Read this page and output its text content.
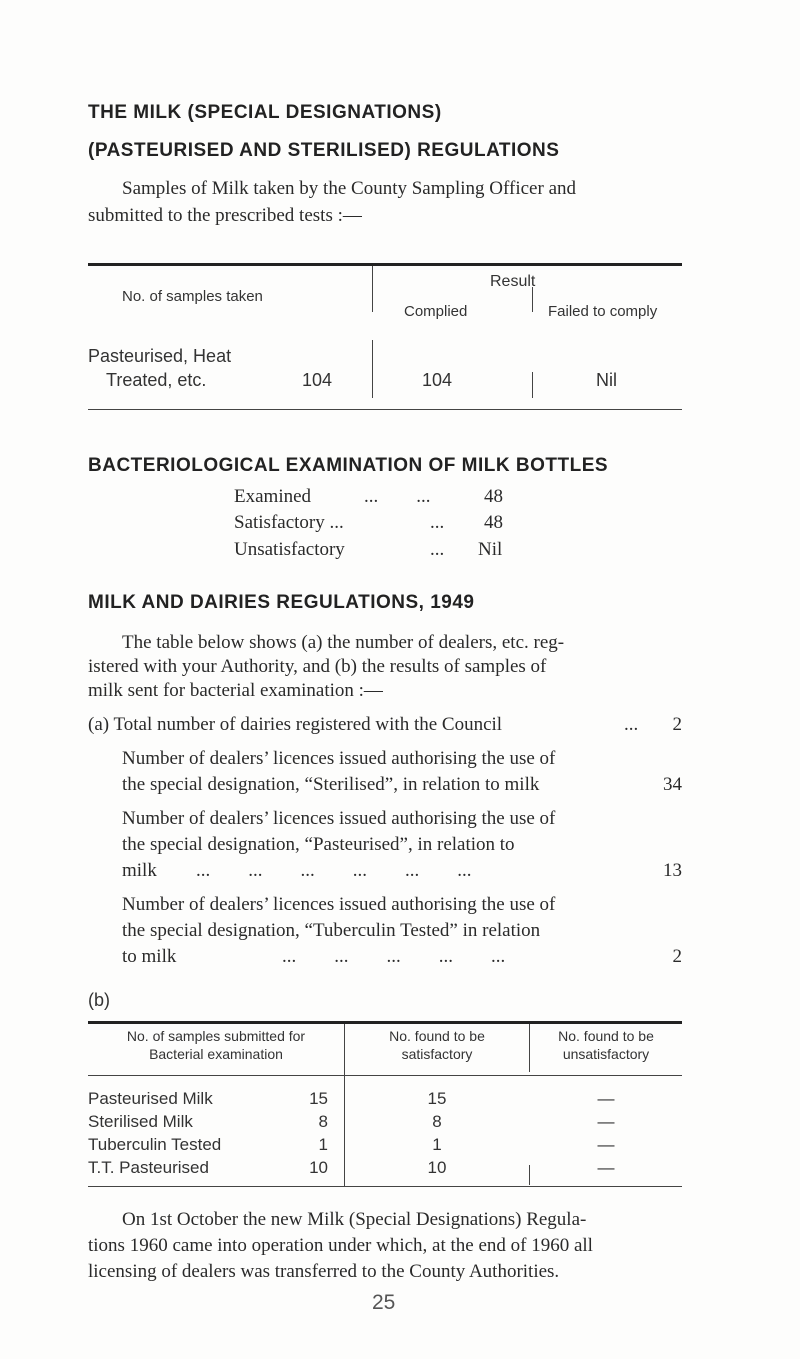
THE MILK (SPECIAL DESIGNATIONS)
(PASTEURISED AND STERILISED) REGULATIONS
Samples of Milk taken by the County Sampling Officer and
submitted to the prescribed tests :—
Result
No. of samples taken
Complied	Failed to comply
Pasteurised, Heat
Treated, etc.	104	104	Nil
BACTERIOLOGICAL EXAMINATION OF MILK BOTTLES
Examined	...  ...	48
Satisfactory ...	... 48
Unsatisfactory	... Nil
MILK AND DAIRIES REGULATIONS, 1949
The table below shows (a) the number of dealers, etc. reg-
istered with your Authority, and (b) the results of samples of
milk sent for bacterial examination :—
(a) Total number of dairies registered with the Council	...	2
Number of dealers’ licences issued authorising the use of
the special designation, “Sterilised”, in relation to milk	34
Number of dealers’ licences issued authorising the use of
the special designation, “Pasteurised”, in relation to
milk ...  ...  ...  ...  ...  ...	13
Number of dealers’ licences issued authorising the use of
the special designation, “Tuberculin Tested” in relation
to milk	...  ...  ...  ...  ...	2
(b)
No. of samples submitted for
Bacterial examination
No. found to be
satisfactory
No. found to be
unsatisfactory
Pasteurised Milk	15	15	—
Sterilised Milk	8	8	—
Tuberculin Tested	1	1	—
T.T. Pasteurised	10	10	—
On 1st October the new Milk (Special Designations) Regula-
tions 1960 came into operation under which, at the end of 1960 all
licensing of dealers was transferred to the County Authorities.
25
